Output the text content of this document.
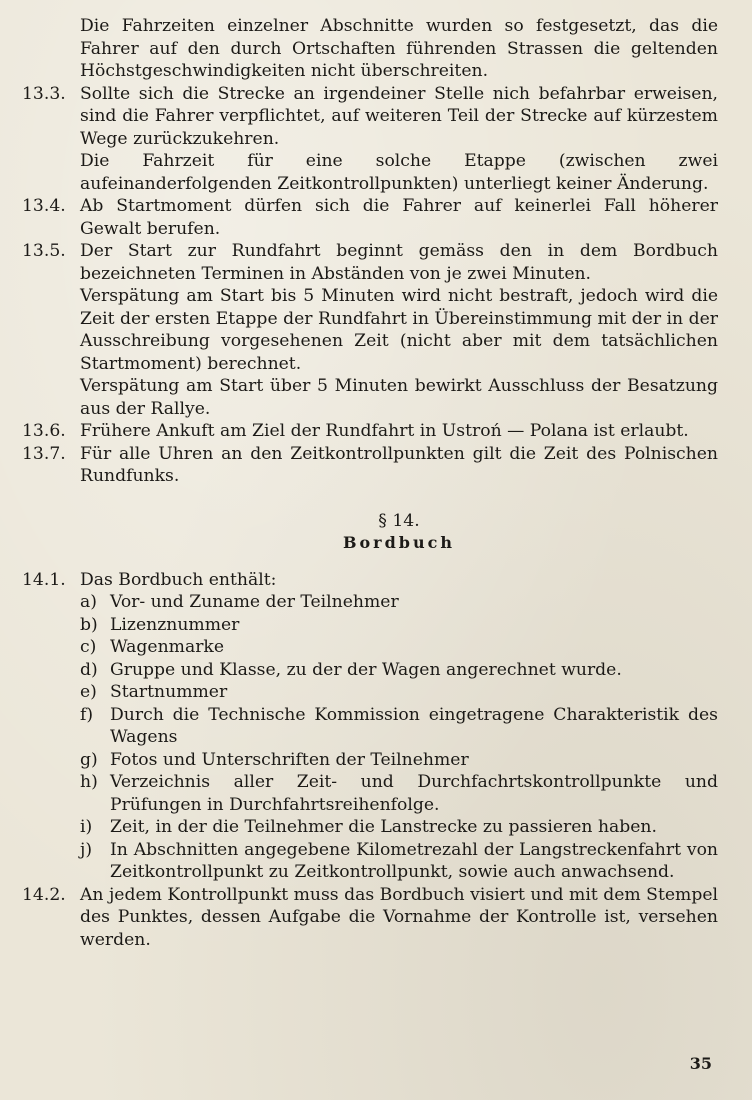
Die Fahrzeiten einzelner Abschnitte wurden so festgesetzt, das die Fahrer auf den durch Ortschaften führenden Strassen die geltenden Höchstgeschwindigkeiten nicht überschreiten.
13.3. Sollte sich die Strecke an irgendeiner Stelle nich befahrbar erweisen, sind die Fahrer verpflichtet, auf weiteren Teil der Strecke auf kürzestem Wege zurückzukehren.
Die Fahrzeit für eine solche Etappe (zwischen zwei aufeinanderfolgenden Zeitkontrollpunkten) unterliegt keiner Änderung.
13.4. Ab Startmoment dürfen sich die Fahrer auf keinerlei Fall höherer Gewalt berufen.
13.5. Der Start zur Rundfahrt beginnt gemäss den in dem Bordbuch bezeichneten Terminen in Abständen von je zwei Minuten.
Verspätung am Start bis 5 Minuten wird nicht bestraft, jedoch wird die Zeit der ersten Etappe der Rundfahrt in Übereinstimmung mit der in der Ausschreibung vorgesehenen Zeit (nicht aber mit dem tatsächlichen Startmoment) berechnet.
Verspätung am Start über 5 Minuten bewirkt Ausschluss der Besatzung aus der Rallye.
13.6. Frühere Ankuft am Ziel der Rundfahrt in Ustroń — Polana ist erlaubt.
13.7. Für alle Uhren an den Zeitkontrollpunkten gilt die Zeit des Polnischen Rundfunks.
§ 14.
Bordbuch
14.1. Das Bordbuch enthält:
a) Vor- und Zuname der Teilnehmer
b) Lizenznummer
c) Wagenmarke
d) Gruppe und Klasse, zu der der Wagen angerechnet wurde.
e) Startnummer
f) Durch die Technische Kommission eingetragene Charakteristik des Wagens
g) Fotos und Unterschriften der Teilnehmer
h) Verzeichnis aller Zeit- und Durchfachrtskontrollpunkte und Prüfungen in Durchfahrtsreihenfolge.
i)	Zeit, in der die Teilnehmer die Lanstrecke zu passieren haben.
j)	In Abschnitten angegebene Kilometrezahl der Langstreckenfahrt von Zeitkontrollpunkt zu Zeitkontrollpunkt, sowie auch anwachsend.
14.2. An jedem Kontrollpunkt muss das Bordbuch visiert und mit dem Stempel des Punktes, dessen Aufgabe die Vornahme der Kontrolle ist, versehen werden.
35
